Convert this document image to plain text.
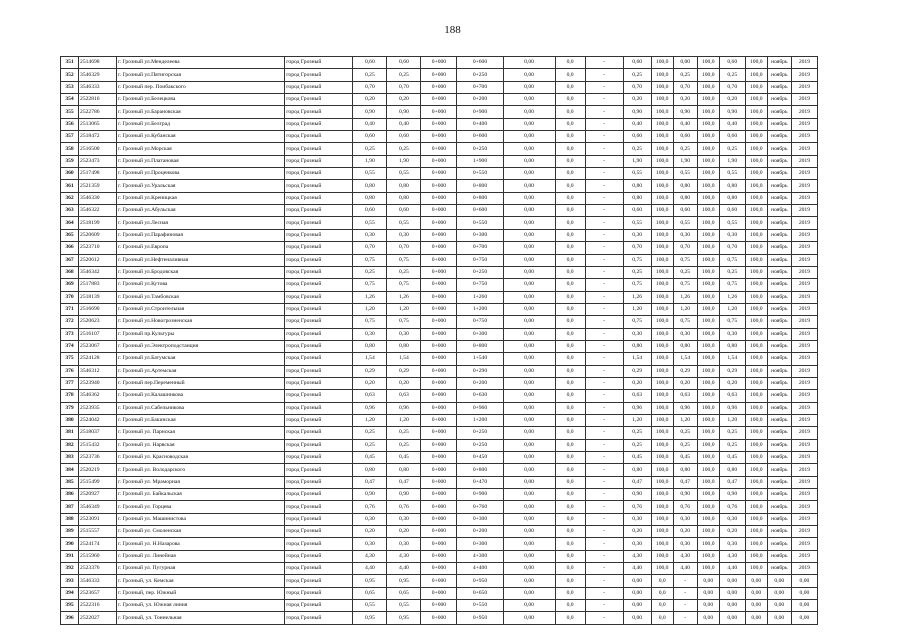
188
351	2514698	г. Грозный ул.Менделеева	город Грозный	0,60	0,60	0+000	0+600	0,00	0,0	-	0,60	100,0	0,00	100,0	0,60	100,0	ноябрь	2019
352	3546329	г. Грозный ул.Пятигорская	город Грозный	0,25	0,25	0+000	0+250	0,00	0,0	-	0,25	100,0	0,25	100,0	0,25	100,0	ноябрь	2019
353	3546333	г. Грозный пер. Поибакского	город Грозный	0,70	0,70	0+000	0+700	0,00	0,0	-	0,70	100,0	0,70	100,0	0,70	100,0	ноябрь	2019
354	2522816	г. Грозный ул.Белецкова	город Грозный	0,20	0,20	0+000	0+200	0,00	0,0	-	0,20	100,0	0,20	100,0	0,20	100,0	ноябрь	2019
355	2522786	г. Грозный ул.Барановская	город Грозный	0,90	0,90	0+000	0+900	0,00	0,0	-	0,90	100,0	0,90	100,0	0,90	100,0	ноябрь	2019
356	2513065	г. Грозный ул.Белград	город Грозный	0,40	0,40	0+000	0+400	0,00	0,0	-	0,40	100,0	0,40	100,0	0,40	100,0	ноябрь	2019
357	2518472	г. Грозный ул.Кубанская	город Грозный	0,60	0,60	0+000	0+600	0,00	0,0	-	0,60	100,0	0,60	100,0	0,60	100,0	ноябрь	2019
358	2516500	г. Грозный ул.Морская	город Грозный	0,25	0,25	0+000	0+250	0,00	0,0	-	0,25	100,0	0,25	100,0	0,25	100,0	ноябрь	2019
359	2523473	г. Грозный ул.Платановая	город Грозный	1,90	1,90	0+000	1+900	0,00	0,0	-	1,90	100,0	1,90	100,0	1,90	100,0	ноябрь	2019
360	2517498	г. Грозный ул.Проценкова	город Грозный	0,55	0,55	0+000	0+550	0,00	0,0	-	0,55	100,0	0,55	100,0	0,55	100,0	ноябрь	2019
361	2521359	г. Грозный ул.Уральская	город Грозный	0,80	0,80	0+000	0+800	0,00	0,0	-	0,80	100,0	0,80	100,0	0,80	100,0	ноябрь	2019
362	3546330	г. Грозный ул.Креницкая	город Грозный	0,80	0,80	0+000	0+800	0,00	0,0	-	0,80	100,0	0,80	100,0	0,80	100,0	ноябрь	2019
363	3546322	г. Грозный ул.Абульская	город Грозный	0,60	0,60	0+000	0+600	0,00	0,0	-	0,60	100,0	0,60	100,0	0,60	100,0	ноябрь	2019
364	2518199	г. Грозный ул.Лесная	город Грозный	0,55	0,55	0+000	0+550	0,00	0,0	-	0,55	100,0	0,55	100,0	0,55	100,0	ноябрь	2019
365	2520609	г. Грозный ул.Парафиновая	город Грозный	0,30	0,30	0+000	0+300	0,00	0,0	-	0,30	100,0	0,30	100,0	0,30	100,0	ноябрь	2019
366	2523710	г. Грозный ул.Европа	город Грозный	0,70	0,70	0+000	0+700	0,00	0,0	-	0,70	100,0	0,70	100,0	0,70	100,0	ноябрь	2019
367	2520612	г. Грозный ул.Нефтеналивная	город Грозный	0,75	0,75	0+000	0+750	0,00	0,0	-	0,75	100,0	0,75	100,0	0,75	100,0	ноябрь	2019
368	3546342	г. Грозный ул.Бродовская	город Грозный	0,25	0,25	0+000	0+250	0,00	0,0	-	0,25	100,0	0,25	100,0	0,25	100,0	ноябрь	2019
369	2517883	г. Грозный ул.Кутова	город Грозный	0,75	0,75	0+000	0+750	0,00	0,0	-	0,75	100,0	0,75	100,0	0,75	100,0	ноябрь	2019
370	2518139	г. Грозный ул.Тамбовская	город Грозный	1,26	1,26	0+000	1+260	0,00	0,0	-	1,26	100,0	1,26	100,0	1,26	100,0	ноябрь	2019
371	2516690	г. Грозный ул.Строительная	город Грозный	1,20	1,20	0+000	1+200	0,00	0,0	-	1,20	100,0	1,20	100,0	1,20	100,0	ноябрь	2019
372	2520623	г. Грозный ул.Новогрозненская	город Грозный	0,75	0,75	0+000	0+750	0,00	0,0	-	0,75	100,0	0,75	100,0	0,75	100,0	ноябрь	2019
373	2516107	г. Грозный пр.Культуры	город Грозный	0,30	0,30	0+000	0+300	0,00	0,0	-	0,30	100,0	0,30	100,0	0,30	100,0	ноябрь	2019
374	2523067	г. Грозный ул.Электроподстанция	город Грозный	0,80	0,80	0+000	0+800	0,00	0,0	-	0,80	100,0	0,80	100,0	0,80	100,0	ноябрь	2019
375	2524128	г. Грозный ул.Батумская	город Грозный	1,54	1,54	0+000	1+540	0,00	0,0	-	1,54	100,0	1,54	100,0	1,54	100,0	ноябрь	2019
376	3546312	г. Грозный ул.Артемская	город Грозный	0,29	0,29	0+000	0+290	0,00	0,0	-	0,29	100,0	0,29	100,0	0,29	100,0	ноябрь	2019
377	2523940	г. Грозный пер.Переменный	город Грозный	0,20	0,20	0+000	0+200	0,00	0,0	-	0,20	100,0	0,20	100,0	0,20	100,0	ноябрь	2019
378	3546362	г. Грозный ул.Калашникова	город Грозный	0,63	0,63	0+000	0+630	0,00	0,0	-	0,63	100,0	0,63	100,0	0,63	100,0	ноябрь	2019
379	2523935	г. Грозный ул.Сабельникова	город Грозный	0,96	0,96	0+000	0+960	0,00	0,0	-	0,96	100,0	0,96	100,0	0,96	100,0	ноябрь	2019
380	2524042	г. Грозный ул.Бакинская	город Грозный	1,20	1,20	0+000	1+200	0,00	0,0	-	1,20	100,0	1,20	100,0	1,20	100,0	ноябрь	2019
381	2518037	г. Грозный ул. Парнская	город Грозный	0,25	0,25	0+000	0+250	0,00	0,0	-	0,25	100,0	0,25	100,0	0,25	100,0	ноябрь	2019
382	2515432	г. Грозный ул. Нарвская	город Грозный	0,25	0,25	0+000	0+250	0,00	0,0	-	0,25	100,0	0,25	100,0	0,25	100,0	ноябрь	2019
383	2523736	г. Грозный ул. Красноводская	город Грозный	0,45	0,45	0+000	0+450	0,00	0,0	-	0,45	100,0	0,45	100,0	0,45	100,0	ноябрь	2019
384	2520219	г. Грозный ул. Володарского	город Грозный	0,80	0,80	0+000	0+800	0,00	0,0	-	0,80	100,0	0,80	100,0	0,80	100,0	ноябрь	2019
385	2515499	г. Грозный ул. Мраморная	город Грозный	0,47	0,47	0+000	0+470	0,00	0,0	-	0,47	100,0	0,47	100,0	0,47	100,0	ноябрь	2019
386	2520927	г. Грозный ул. Байкальская	город Грозный	0,90	0,90	0+000	0+900	0,00	0,0	-	0,90	100,0	0,90	100,0	0,90	100,0	ноябрь	2019
387	3546349	г. Грозный ул. Горцева	город Грозный	0,76	0,76	0+000	0+760	0,00	0,0	-	0,76	100,0	0,76	100,0	0,76	100,0	ноябрь	2019
388	2523091	г. Грозный ул. Машинистова	город Грозный	0,30	0,30	0+000	0+300	0,00	0,0	-	0,30	100,0	0,30	100,0	0,30	100,0	ноябрь	2019
389	2515557	г. Грозный ул. Смоленская	город Грозный	0,20	0,20	0+000	0+200	0,00	0,0	-	0,20	100,0	0,20	100,0	0,20	100,0	ноябрь	2019
390	2524174	г. Грозный ул. Н.Назарова	город Грозный	0,30	0,30	0+000	0+300	0,00	0,0	-	0,30	100,0	0,30	100,0	0,30	100,0	ноябрь	2019
391	2515960	г. Грозный ул. Линейная	город Грозный	4,30	4,30	0+000	4+300	0,00	0,0	-	4,30	100,0	4,30	100,0	4,30	100,0	ноябрь	2019
392	2523376	г. Грозный ул. Пугурная	город Грозный	4,40	4,40	0+000	4+400	0,00	0,0	-	4,40	100,0	4,40	100,0	4,40	100,0	ноябрь	2019
393	3546333	г. Грозный, ул. Кемская	город Грозный	0,95	0,95	0+000	0+950	0,00	0,0	-	0,00	0,0	-	0,00	0,00	0,00	0,00	0,00
394	2523657	г. Грозный, пер. Южный	город Грозный	0,65	0,65	0+000	0+650	0,00	0,0	-	0,00	0,0	-	0,00	0,00	0,00	0,00	0,00
395	2522316	г. Грозный, ул. Южная линия	город Грозный	0,55	0,55	0+000	0+550	0,00	0,0	-	0,00	0,0	-	0,00	0,00	0,00	0,00	0,00
396	2522027	г. Грозный, ул. Тоннельная	город Грозный	0,95	0,95	0+000	0+950	0,00	0,0	-	0,00	0,0	-	0,00	0,00	0,00	0,00	0,00
